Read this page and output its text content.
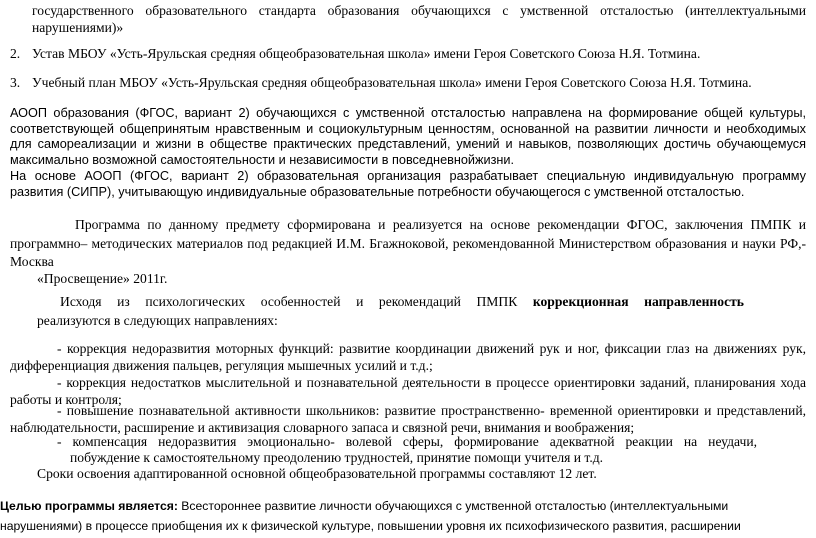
государственного образовательного стандарта образования обучающихся с умственной отсталостью (интеллектуальными нарушениями)»
2. Устав МБОУ «Усть-Ярульская средняя общеобразовательная школа» имени Героя Советского Союза Н.Я. Тотмина.
3. Учебный план МБОУ «Усть-Ярульская средняя общеобразовательная школа» имени Героя Советского Союза Н.Я. Тотмина.
АООП образования (ФГОС, вариант 2) обучающихся с умственной отсталостью направлена на формирование общей культуры, соответствующей общепринятым нравственным и социокультурным ценностям, основанной на развитии личности и необходимых для самореализации и жизни в обществе практических представлений, умений и навыков, позволяющих достичь обучающемуся максимально возможной самостоятельности и независимости в повседневнойжизни.
На основе АООП (ФГОС, вариант 2) образовательная организация разрабатывает специальную индивидуальную программу развития (СИПР), учитывающую индивидуальные образовательные потребности обучающегося с умственной отсталостью.
Программа по данному предмету сформирована и реализуется на основе рекомендации ФГОС, заключения ПМПК и программно– методических материалов под редакцией И.М. Бгажноковой, рекомендованной Министерством образования и науки РФ,- Москва
«Просвещение» 2011г.
Исходя из психологических особенностей и рекомендаций ПМПК коррекционная направленность
реализуются в следующих направлениях:
- коррекция недоразвития моторных функций: развитие координации движений рук и ног, фиксации глаз на движениях рук, дифференциация движения пальцев, регуляция мышечных усилий и т.д.;
- коррекция недостатков мыслительной и познавательной деятельности в процессе ориентировки заданий, планирования хода работы и контроля;
- повышение познавательной активности школьников: развитие пространственно- временной ориентировки и представлений, наблюдательности, расширение и активизация словарного запаса и связной речи, внимания и воображения;
- компенсация недоразвития эмоционально- волевой сферы, формирование адекватной реакции на неудачи,
побуждение к самостоятельному преодолению трудностей, принятие помощи учителя и т.д.
Сроки освоения адаптированной основной общеобразовательной программы составляют 12 лет.
Целью программы является: Всестороннее развитие личности обучающихся с умственной отсталостью (интеллектуальными нарушениями) в процессе приобщения их к физической культуре, повышении уровня их психофизического развития, расширении
